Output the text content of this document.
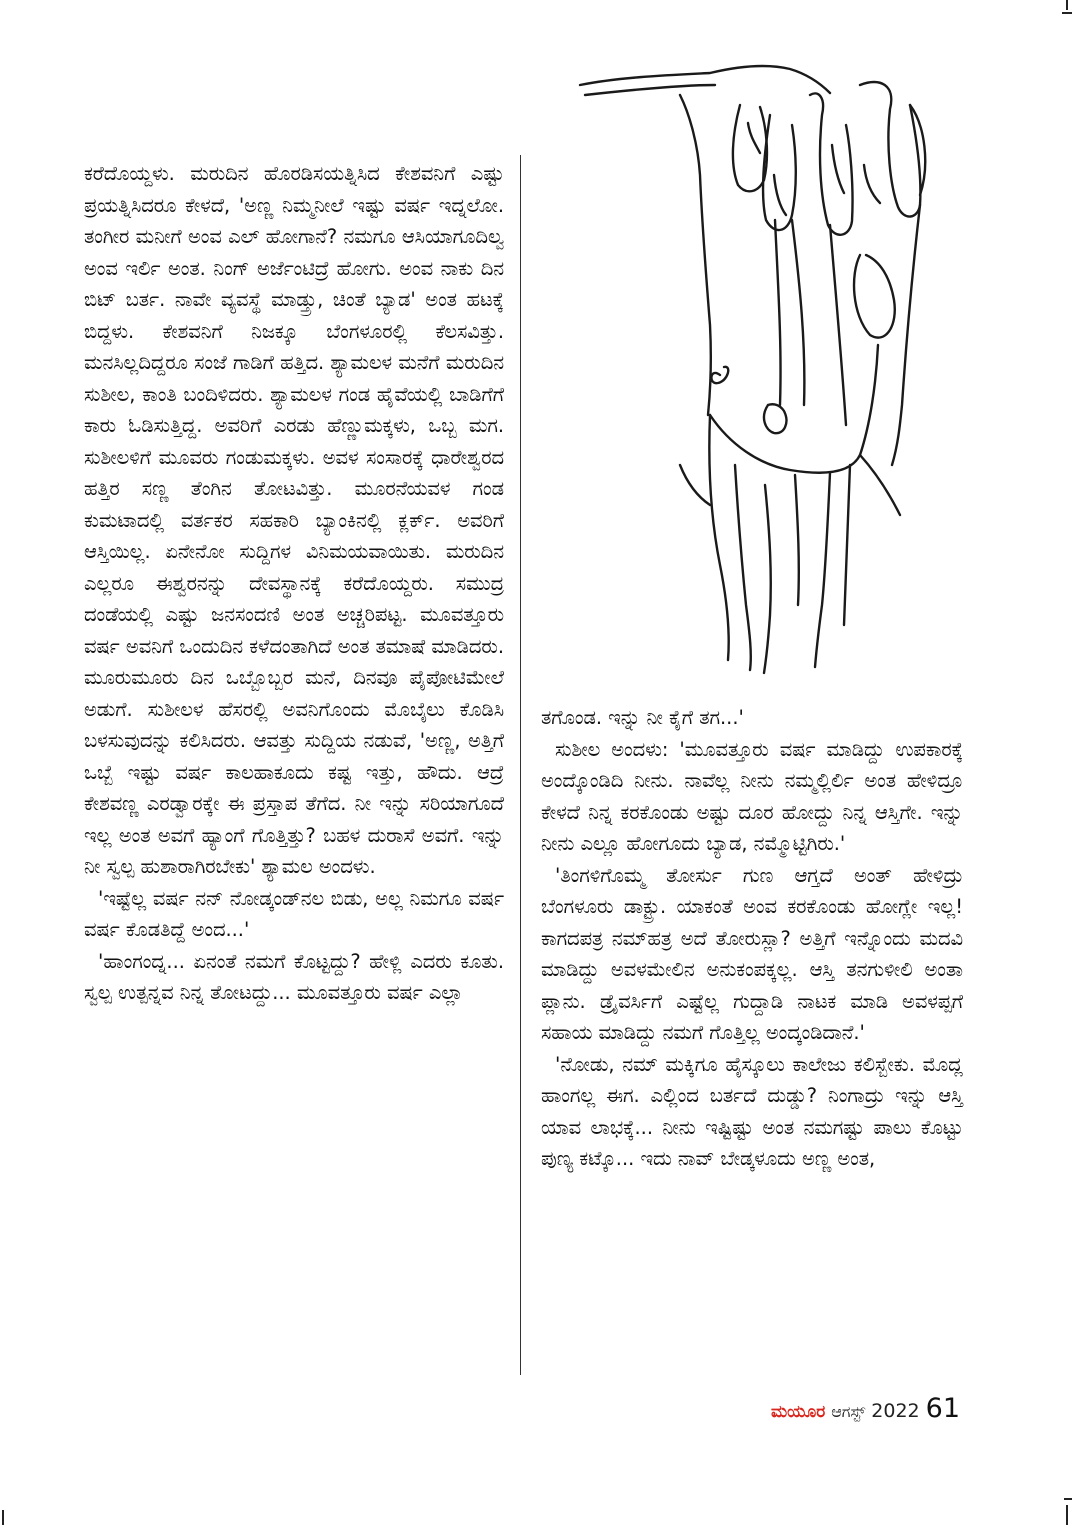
ಕರೆದೊಯ್ದಳು. ಮರುದಿನ ಹೊರಡಿಸಯತ್ನಿಸಿದ ಕೇಶವನಿಗೆ ಎಷ್ಟು ಪ್ರಯತ್ನಿಸಿದರೂ ಕೇಳದೆ, 'ಅಣ್ಣ ನಿಮ್ಮನೀಲೆ ಇಷ್ಟು ವರ್ಷ ಇದ್ನಲೋ. ತಂಗೀರ ಮನೀಗೆ ಅಂವ ಎಲ್ ಹೋಗಾನೆ? ನಮಗೂ ಆಸಿಯಾಗೂದಿಲ್ವ ಅಂವ ಇರ್ಲಿ ಅಂತ. ನಿಂಗ್ ಅರ್ಜೆಂಟಿದ್ರೆ ಹೋಗು. ಅಂವ ನಾಕು ದಿನ ಬಿಟ್ ಬರ್ತ. ನಾವೇ ವ್ಯವಸ್ಥೆ ಮಾಡ್ತ್ರು, ಚಿಂತೆ ಬ್ಯಾಡ' ಅಂತ ಹಟಕ್ಕೆ ಬಿದ್ದಳು. ಕೇಶವನಿಗೆ ನಿಜಕ್ಕೂ ಬೆಂಗಳೂರಲ್ಲಿ ಕೆಲಸವಿತ್ತು. ಮನಸಿಲ್ಲದಿದ್ದರೂ ಸಂಜೆ ಗಾಡಿಗೆ ಹತ್ತಿದ. ಶ್ಯಾಮಲಳ ಮನೆಗೆ ಮರುದಿನ ಸುಶೀಲ, ಕಾಂತಿ ಬಂದಿಳಿದರು. ಶ್ಯಾಮಲಳ ಗಂಡ ಹೈವೆಯಲ್ಲಿ ಬಾಡಿಗೆಗೆ ಕಾರು ಓಡಿಸುತ್ತಿದ್ದ. ಅವರಿಗೆ ಎರಡು ಹೆಣ್ಣುಮಕ್ಕಳು, ಒಬ್ಬ ಮಗ. ಸುಶೀಲಳಿಗೆ ಮೂವರು ಗಂಡುಮಕ್ಕಳು. ಅವಳ ಸಂಸಾರಕ್ಕೆ ಧಾರೇಶ್ವರದ ಹತ್ತಿರ ಸಣ್ಣ ತೆಂಗಿನ ತೋಟವಿತ್ತು. ಮೂರನೆಯವಳ ಗಂಡ ಕುಮಟಾದಲ್ಲಿ ವರ್ತಕರ ಸಹಕಾರಿ ಬ್ಯಾಂಕಿನಲ್ಲಿ ಕ್ಲರ್ಕ್. ಅವರಿಗೆ ಆಸ್ತಿಯಿಲ್ಲ. ಏನೇನೋ ಸುದ್ದಿಗಳ ವಿನಿಮಯವಾಯಿತು. ಮರುದಿನ ಎಲ್ಲರೂ ಈಶ್ವರನನ್ನು ದೇವಸ್ಥಾನಕ್ಕೆ ಕರೆದೊಯ್ದರು. ಸಮುದ್ರ ದಂಡೆಯಲ್ಲಿ ಎಷ್ಟು ಜನಸಂದಣಿ ಅಂತ ಅಚ್ಚರಿಪಟ್ಟ. ಮೂವತ್ತೂರು ವರ್ಷ ಅವನಿಗೆ ಒಂದುದಿನ ಕಳೆದಂತಾಗಿದೆ ಅಂತ ತಮಾಷೆ ಮಾಡಿದರು. ಮೂರುಮೂರು ದಿನ ಒಬ್ಬೊಬ್ಬರ ಮನೆ, ದಿನವೂ ಪೈಪೋಟಿಮೇಲೆ ಅಡುಗೆ. ಸುಶೀಲಳ ಹೆಸರಲ್ಲಿ ಅವನಿಗೊಂದು ಮೊಬೈಲು ಕೊಡಿಸಿ ಬಳಸುವುದನ್ನು ಕಲಿಸಿದರು. ಆವತ್ತು ಸುದ್ದಿಯ ನಡುವೆ, 'ಅಣ್ಣ, ಅತ್ತಿಗೆ ಒಬ್ಬೆ ಇಷ್ಟು ವರ್ಷ ಕಾಲಹಾಕೂದು ಕಷ್ಟ ಇತ್ತು, ಹೌದು. ಆದ್ರೆ ಕೇಶವಣ್ಣ ಎರಡ್ವಾರಕ್ಕೇ ಈ ಪ್ರಸ್ತಾಪ ತೆಗೆದ. ನೀ ಇನ್ನು ಸರಿಯಾಗೂದೆ ಇಲ್ಲ ಅಂತ ಅವಗೆ ಹ್ಯಾಂಗೆ ಗೊತ್ತಿತ್ತು? ಬಹಳ ದುರಾಸೆ ಅವಗೆ. ಇನ್ನು ನೀ ಸ್ವಲ್ಪ ಹುಶಾರಾಗಿರಬೇಕು' ಶ್ಯಾಮಲ ಅಂದಳು.

'ಇಷ್ಟೆಲ್ಲ ವರ್ಷ ನನ್ ನೋಡ್ಕಂಡ್‌ನಲ ಬಿಡು, ಅಲ್ಲ ನಿಮಗೂ ವರ್ಷ ವರ್ಷ ಕೊಡತಿದ್ದೆ ಅಂದ...'

'ಹಾಂಗಂದ್ನ... ಏನಂತೆ ನಮಗೆ ಕೊಟ್ಟದ್ದು? ಹೇಳ್ಲಿ ಎದರು ಕೂತು. ಸ್ವಲ್ಪ ಉತ್ಪನ್ನವ ನಿನ್ನ ತೋಟದ್ದು... ಮೂವತ್ತೂರು ವರ್ಷ ಎಲ್ಲಾ

ತಗೊಂಡ. ಇನ್ನು ನೀ ಕೈಗೆ ತಗ...'

ಸುಶೀಲ ಅಂದಳು: 'ಮೂವತ್ತೂರು ವರ್ಷ ಮಾಡಿದ್ದು ಉಪಕಾರಕ್ಕೆ ಅಂದ್ಕೊಂಡಿದಿ ನೀನು. ನಾವೆಲ್ಲ ನೀನು ನಮ್ಮಲ್ಲಿರ್ಲಿ ಅಂತ ಹೇಳಿದ್ರೂ ಕೇಳದೆ ನಿನ್ನ ಕರಕೊಂಡು ಅಷ್ಟು ದೂರ ಹೋದ್ದು ನಿನ್ನ ಆಸ್ತಿಗೇ. ಇನ್ನು ನೀನು ಎಲ್ಲೂ ಹೋಗೂದು ಬ್ಯಾಡ, ನಮ್ಮೊಟ್ಟಿಗಿರು.'

'ತಿಂಗಳಿಗೊಮ್ಮ ತೋರ್ಸು ಗುಣ ಆಗ್ತದೆ ಅಂತ್ ಹೇಳಿದ್ರು ಬೆಂಗಳೂರು ಡಾಕ್ಟ್ರು. ಯಾಕಂತೆ ಅಂವ ಕರಕೊಂಡು ಹೋಗ್ಲೇ ಇಲ್ಲ! ಕಾಗದಪತ್ರ ನಮ್‌ಹತ್ರ ಅದೆ ತೋರುಸ್ಲಾ? ಅತ್ತಿಗೆ ಇನ್ನೊಂದು ಮದವಿ ಮಾಡಿದ್ದು ಅವಳಮೇಲಿನ ಅನುಕಂಪಕ್ಕಲ್ಲ. ಆಸ್ತಿ ತನಗುಳೀಲಿ ಅಂತಾ ಪ್ಲಾನು. ಡ್ರೈವರ್ಸಿಗೆ ಎಷ್ಟೆಲ್ಲ ಗುದ್ದಾಡಿ ನಾಟಕ ಮಾಡಿ ಅವಳಪ್ಪಗೆ ಸಹಾಯ ಮಾಡಿದ್ದು ನಮಗೆ ಗೊತ್ತಿಲ್ಲ ಅಂದ್ಕಂಡಿದಾನೆ.'

'ನೋಡು, ನಮ್ ಮಕ್ಕಿಗೂ ಹೈಸ್ಕೂಲು ಕಾಲೇಜು ಕಲಿಸ್ಬೇಕು. ಮೊದ್ಲ ಹಾಂಗಲ್ಲ ಈಗ. ಎಲ್ಲಿಂದ ಬರ್ತದೆ ದುಡ್ಡು? ನಿಂಗಾದ್ರು ಇನ್ನು ಆಸ್ತಿ ಯಾವ ಲಾಭಕ್ಕೆ... ನೀನು ಇಷ್ಟಿಷ್ಟು ಅಂತ ನಮಗಷ್ಟು ಪಾಲು ಕೊಟ್ಟು ಪುಣ್ಯ ಕಟ್ಕೊ... ಇದು ನಾವ್ ಬೇಡ್ಕಳೂದು ಅಣ್ಣ ಅಂತ,

ಮಯೂರ ಆಗಸ್ಟ್ 2022 61
